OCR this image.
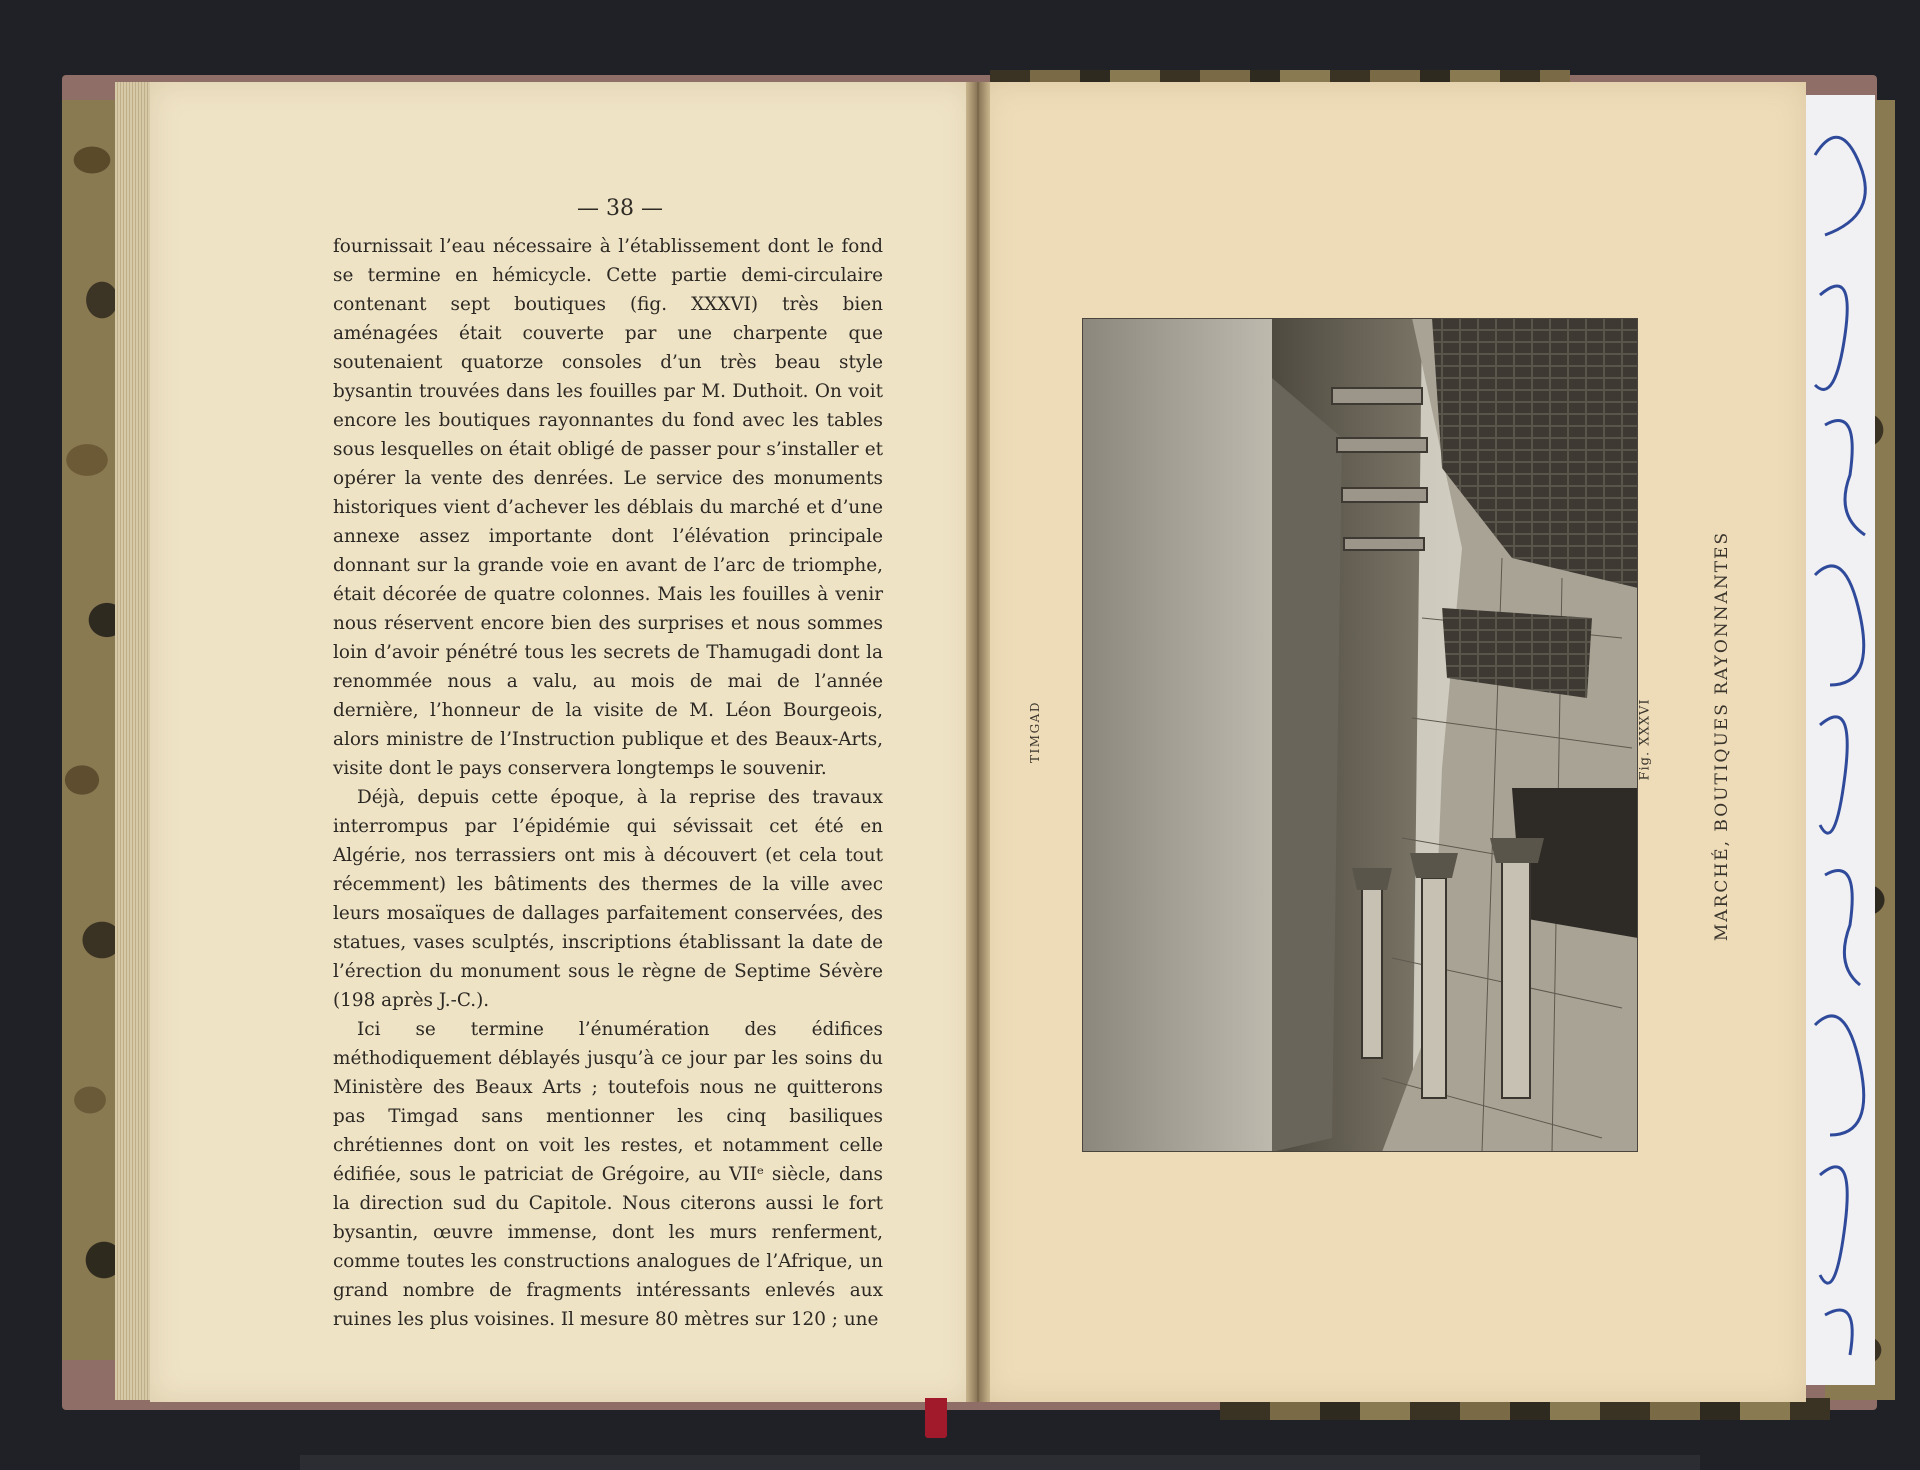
— 38 —

fournissait l’eau nécessaire à l’établissement dont le fond se termine en hémicycle. Cette partie demi-circulaire contenant sept boutiques (fig. XXXVI) très bien aménagées était couverte par une charpente que soutenaient quatorze consoles d’un très beau style bysantin trouvées dans les fouilles par M. Duthoit. On voit encore les boutiques rayonnantes du fond avec les tables sous lesquelles on était obligé de passer pour s’installer et opérer la vente des denrées. Le service des monuments historiques vient d’achever les déblais du marché et d’une annexe assez importante dont l’élévation principale donnant sur la grande voie en avant de l’arc de triomphe, était décorée de quatre colonnes. Mais les fouilles à venir nous réservent encore bien des surprises et nous sommes loin d’avoir pénétré tous les secrets de Thamugadi dont la renommée nous a valu, au mois de mai de l’année dernière, l’honneur de la visite de M. Léon Bourgeois, alors ministre de l’Instruction publique et des Beaux-Arts, visite dont le pays conservera longtemps le souvenir.

Déjà, depuis cette époque, à la reprise des travaux interrompus par l’épidémie qui sévissait cet été en Algérie, nos terrassiers ont mis à découvert (et cela tout récemment) les bâtiments des thermes de la ville avec leurs mosaïques de dallages parfaitement conservées, des statues, vases sculptés, inscriptions établissant la date de l’érection du monument sous le règne de Septime Sévère (198 après J.-C.).

Ici se termine l’énumération des édifices méthodiquement déblayés jusqu’à ce jour par les soins du Ministère des Beaux Arts ; toutefois nous ne quitterons pas Timgad sans mentionner les cinq basiliques chrétiennes dont on voit les restes, et notamment celle édifiée, sous le patriciat de Grégoire, au VIIᵉ siècle, dans la direction sud du Capitole. Nous citerons aussi le fort bysantin, œuvre immense, dont les murs renferment, comme toutes les constructions analogues de l’Afrique, un grand nombre de fragments intéressants enlevés aux ruines les plus voisines. Il mesure 80 mètres sur 120 ; une

TIMGAD	Fig. XXXVI	MARCHÉ, BOUTIQUES RAYONNANTES
